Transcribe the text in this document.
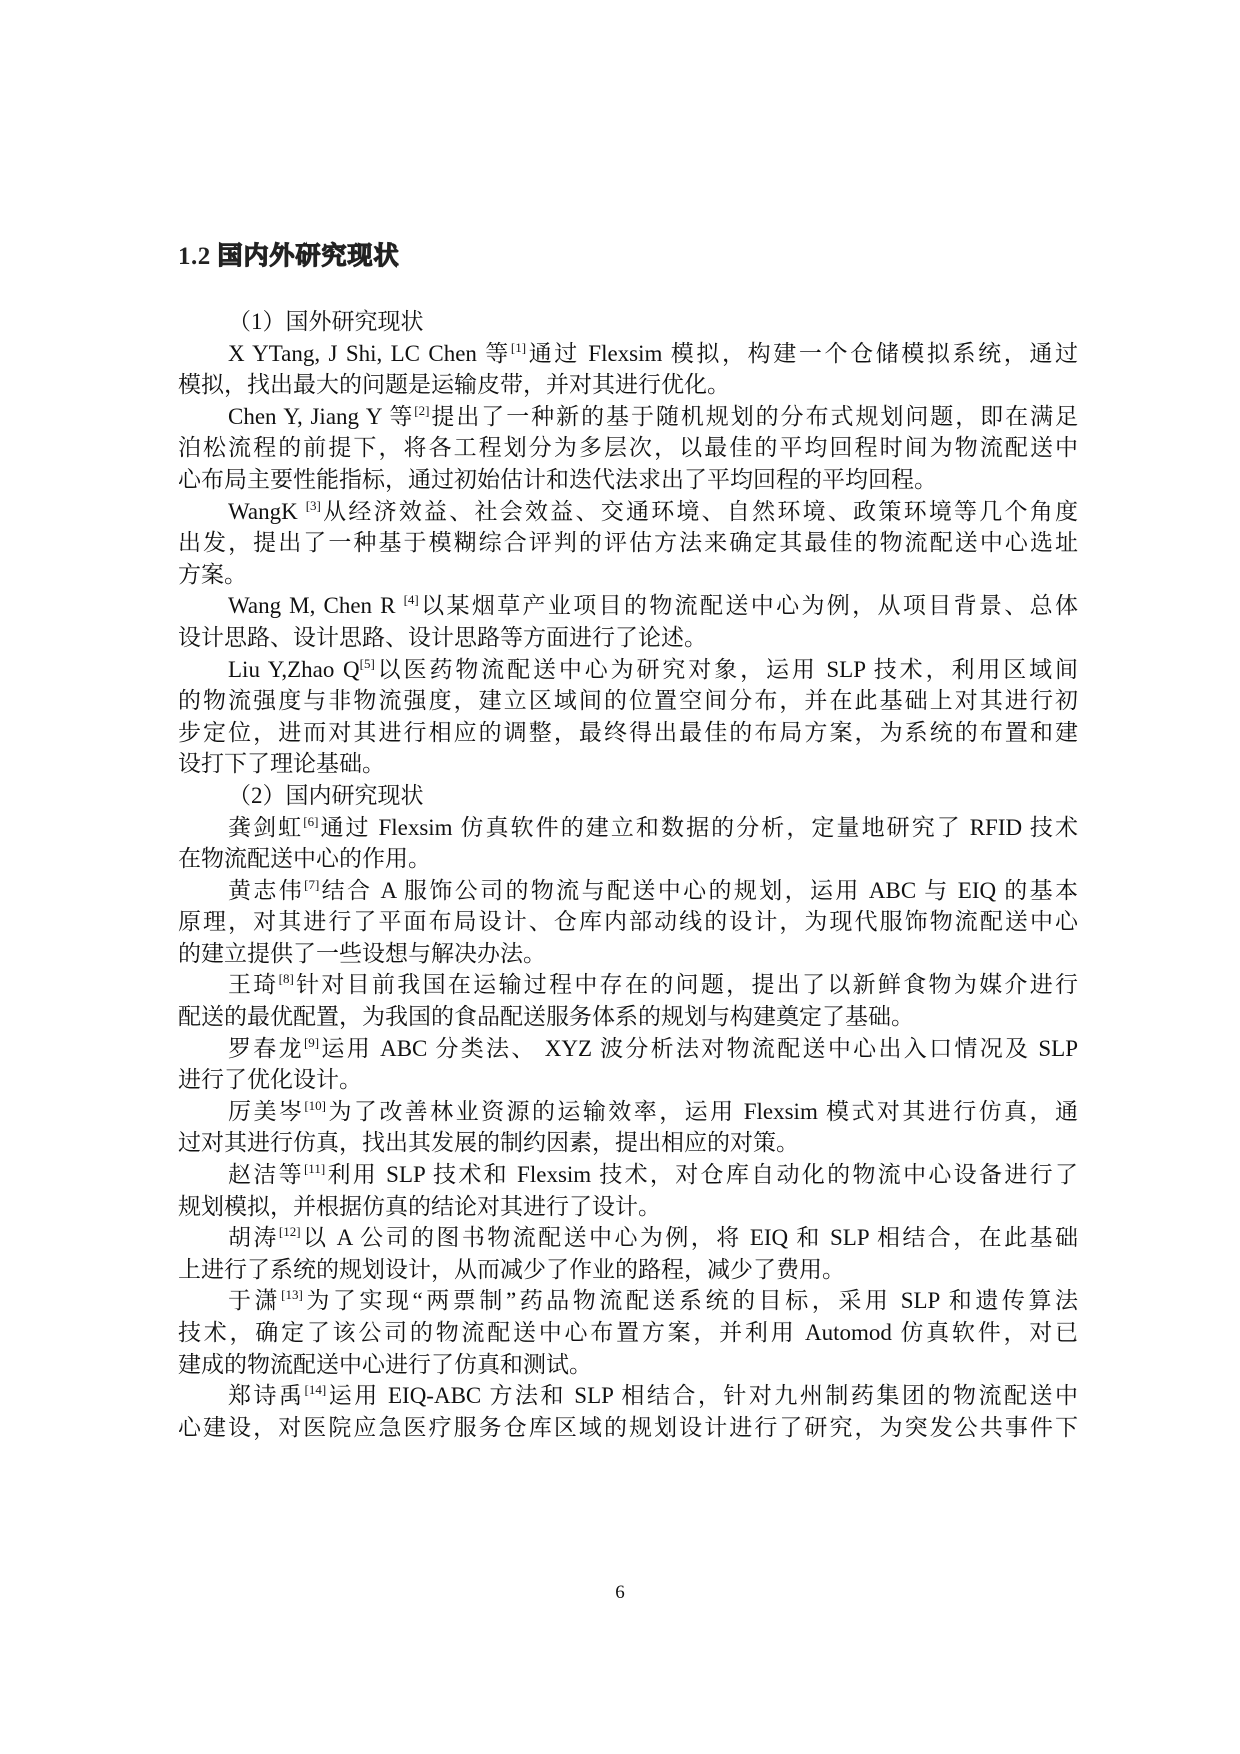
1.2 国内外研究现状
（1）国外研究现状
X YTang, J Shi, LC Chen 等[1]通过 Flexsim 模拟，构建一个仓储模拟系统，通过
模拟，找出最大的问题是运输皮带，并对其进行优化。
Chen Y, Jiang Y 等[2]提出了一种新的基于随机规划的分布式规划问题，即在满足
泊松流程的前提下，将各工程划分为多层次，以最佳的平均回程时间为物流配送中
心布局主要性能指标，通过初始估计和迭代法求出了平均回程的平均回程。
WangK [3]从经济效益、社会效益、交通环境、自然环境、政策环境等几个角度
出发，提出了一种基于模糊综合评判的评估方法来确定其最佳的物流配送中心选址
方案。
Wang M, Chen R [4]以某烟草产业项目的物流配送中心为例，从项目背景、总体
设计思路、设计思路、设计思路等方面进行了论述。
Liu Y,Zhao Q[5]以医药物流配送中心为研究对象，运用 SLP 技术，利用区域间
的物流强度与非物流强度，建立区域间的位置空间分布，并在此基础上对其进行初
步定位，进而对其进行相应的调整，最终得出最佳的布局方案，为系统的布置和建
设打下了理论基础。
（2）国内研究现状
龚剑虹[6]通过 Flexsim 仿真软件的建立和数据的分析，定量地研究了 RFID 技术
在物流配送中心的作用。
黄志伟[7]结合 A 服饰公司的物流与配送中心的规划，运用 ABC 与 EIQ 的基本
原理，对其进行了平面布局设计、仓库内部动线的设计，为现代服饰物流配送中心
的建立提供了一些设想与解决办法。
王琦[8]针对目前我国在运输过程中存在的问题，提出了以新鲜食物为媒介进行
配送的最优配置，为我国的食品配送服务体系的规划与构建奠定了基础。
罗春龙[9]运用 ABC 分类法、 XYZ 波分析法对物流配送中心出入口情况及 SLP
进行了优化设计。
厉美岑[10]为了改善林业资源的运输效率，运用 Flexsim 模式对其进行仿真，通
过对其进行仿真，找出其发展的制约因素，提出相应的对策。
赵洁等[11]利用 SLP 技术和 Flexsim 技术，对仓库自动化的物流中心设备进行了
规划模拟，并根据仿真的结论对其进行了设计。
胡涛[12]以 A 公司的图书物流配送中心为例，将 EIQ 和 SLP 相结合，在此基础
上进行了系统的规划设计，从而减少了作业的路程，减少了费用。
于潇[13]为了实现“两票制”药品物流配送系统的目标，采用 SLP 和遗传算法
技术，确定了该公司的物流配送中心布置方案，并利用 Automod 仿真软件，对已
建成的物流配送中心进行了仿真和测试。
郑诗禹[14]运用 EIQ-ABC 方法和 SLP 相结合，针对九州制药集团的物流配送中
心建设，对医院应急医疗服务仓库区域的规划设计进行了研究，为突发公共事件下
6
